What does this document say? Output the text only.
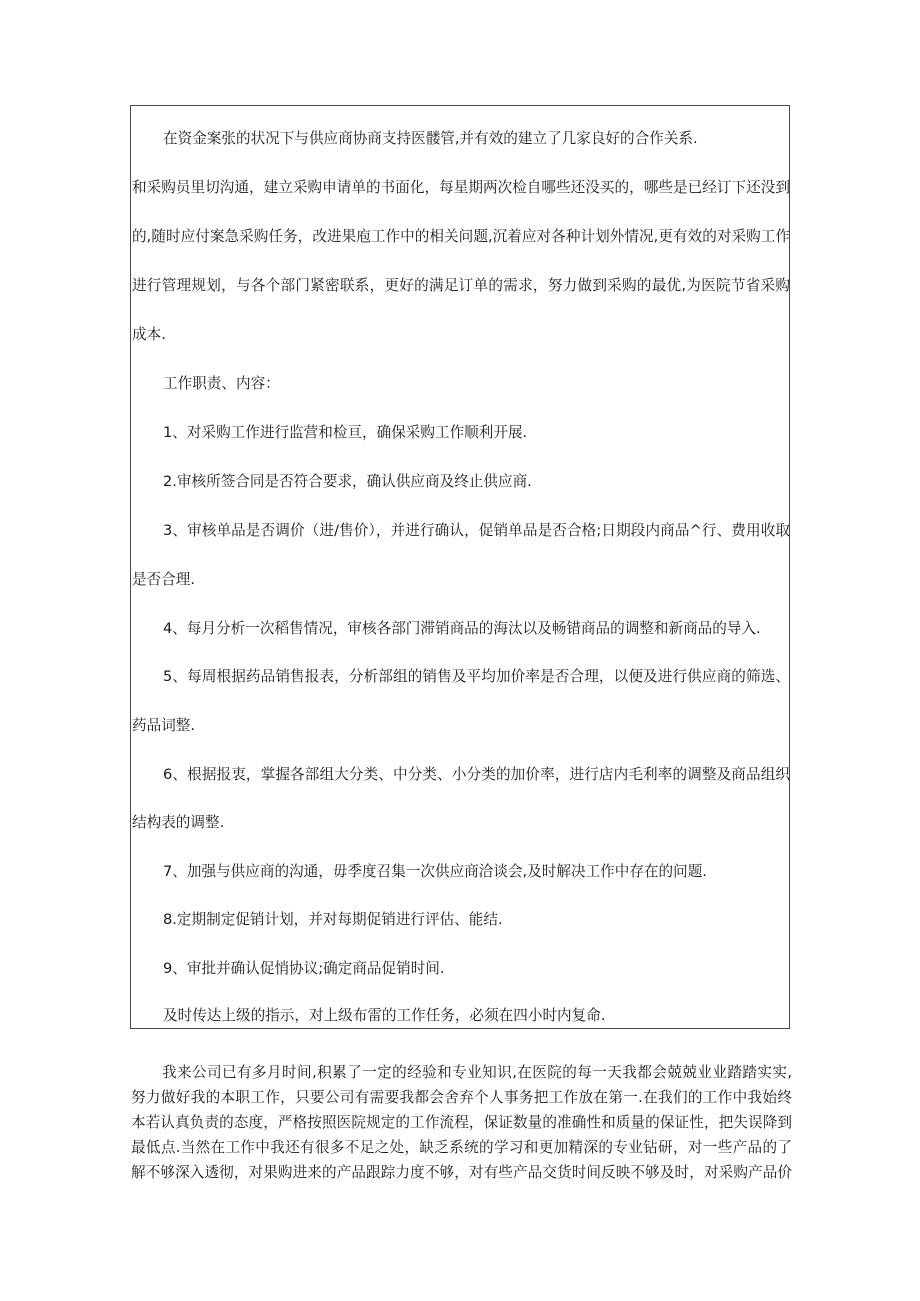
在资金案张的状况下与供应商协商支持医髅管,并有效的建立了几家良好的合作关系.
和采购员里切沟通，建立采购申请单的书面化，每星期两次检自哪些还没买的，哪些是已经订下还没到
的,随时应付案急采购任务，改进果庖工作中的相关问题,沉着应对各种计划外情况,更有效的对采购工作
进行管理规划，与各个部门紧密联系，更好的满足订单的需求，努力做到采购的最优,为医院节省采购
成本.
工作职责、内容：
1、对采购工作进行监营和检亘，确保采购工作顺利开展.
2.审核所签合同是否符合要求，确认供应商及终止供应商.
3、审核单品是否调价（进/售价），并进行确认，促销单品是否合格;日期段内商品^行、费用收取
是否合理.
4、每月分析一次稻售情况，审核各部门滞销商品的海汰以及畅错商品的调整和新商品的导入.
5、每周根据药品销售报表，分析部组的销售及平均加价率是否合理，以便及进行供应商的筛选、
药品词整.
6、根据报衷，掌握各部组大分类、中分类、小分类的加价率，进行店内毛利率的调整及商品组织
结构表的调整.
7、加强与供应商的沟通，毋季度召集一次供应商洽谈会,及时解决工作中存在的问题.
8.定期制定促销计划，并对每期促销进行评估、能结.
9、审批并确认促悄协议;确定商品促销时间.
及时传达上级的指示，对上级布雷的工作任务，必须在四小时内复命.
我来公司已有多月时间,积累了一定的经验和专业知识,在医院的每一天我都会兢兢业业踏踏实实,
努力做好我的本职工作，只要公司有需要我都会舍弃个人事务把工作放在第一.在我们的工作中我始终
本若认真负责的态度，严格按照医院规定的工作流程，保证数量的准确性和质量的保证性，把失误降到
最低点.当然在工作中我还有很多不足之处，缺乏系统的学习和更加精深的专业钻研，对一些产品的了
解不够深入透彻，对果购进来的产品跟踪力度不够，对有些产品交货时间反映不够及时，对采购产品价
